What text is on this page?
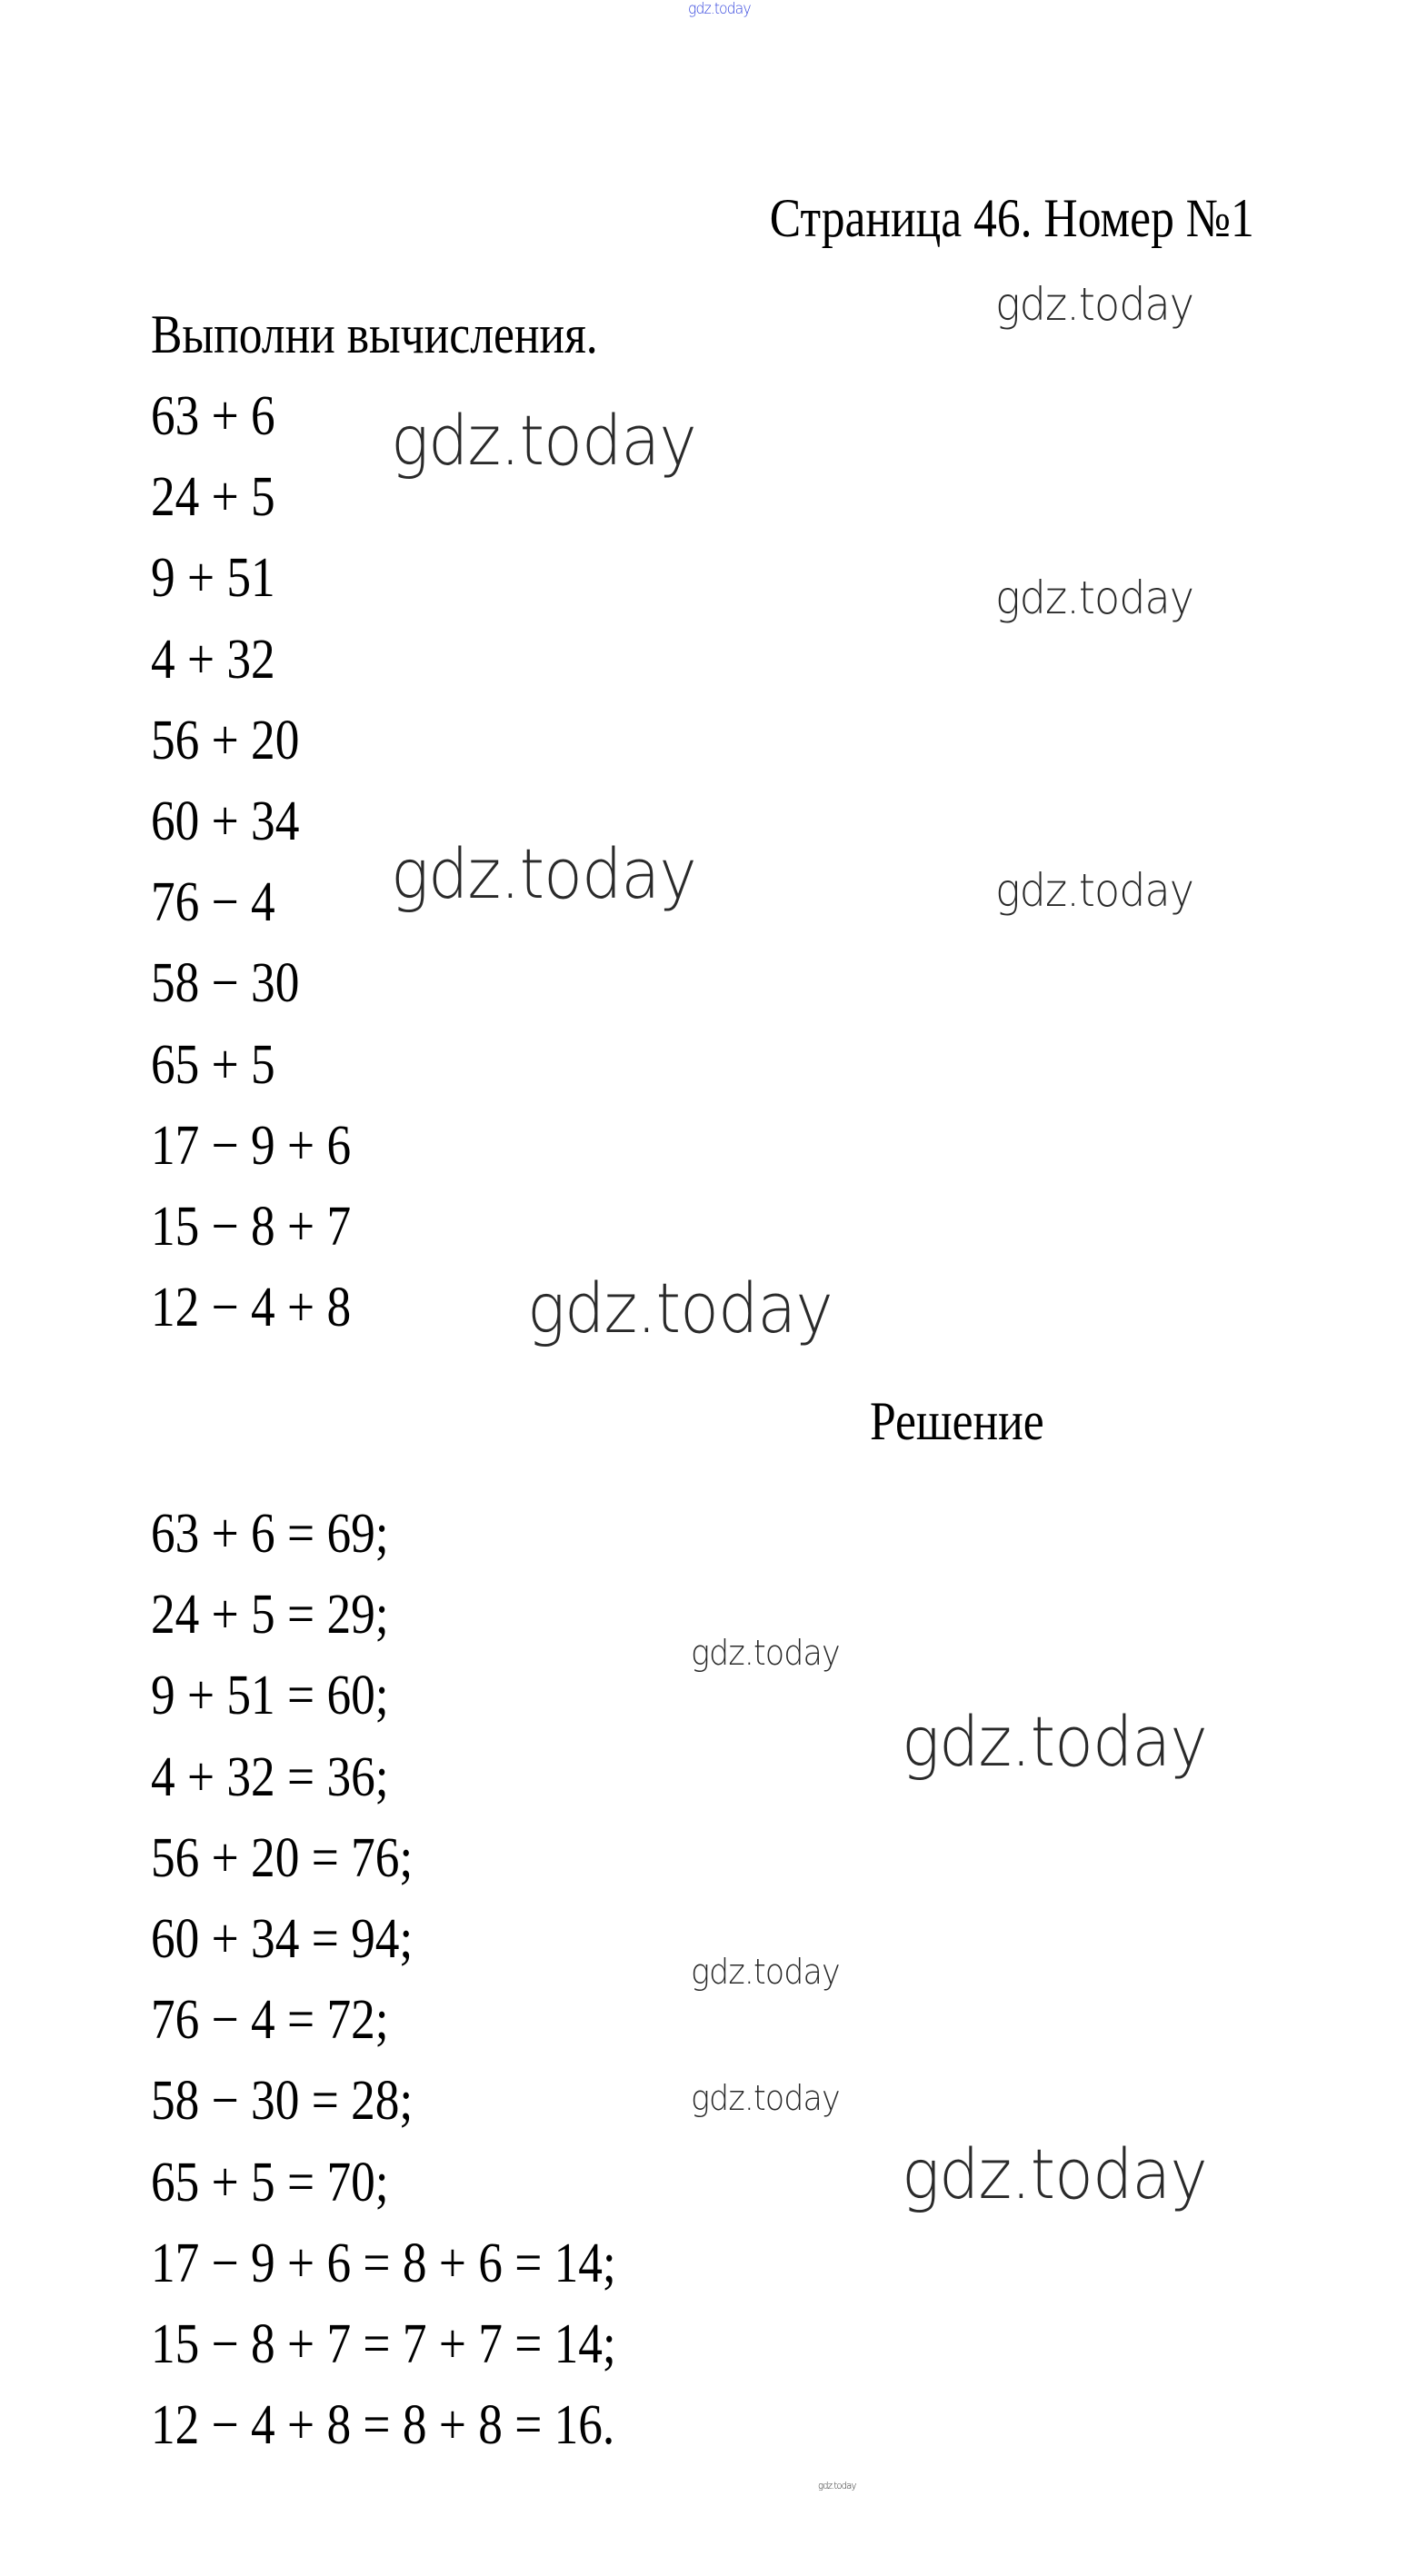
gdz.today
Страница 46. Номер №1
Выполни вычисления.
63 + 6
24 + 5
9 + 51
4 + 32
56 + 20
60 + 34
76 − 4
58 − 30
65 + 5
17 − 9 + 6
15 − 8 + 7
12 − 4 + 8
Решение
63 + 6 = 69;
24 + 5 = 29;
9 + 51 = 60;
4 + 32 = 36;
56 + 20 = 76;
60 + 34 = 94;
76 − 4 = 72;
58 − 30 = 28;
65 + 5 = 70;
17 − 9 + 6 = 8 + 6 = 14;
15 − 8 + 7 = 7 + 7 = 14;
12 − 4 + 8 = 8 + 8 = 16.
gdz.today
gdz.today
gdz.today
gdz.today
gdz.today
gdz.today
gdz.today
gdz.today
gdz.today
gdz.today
gdz.today
gdz.today
